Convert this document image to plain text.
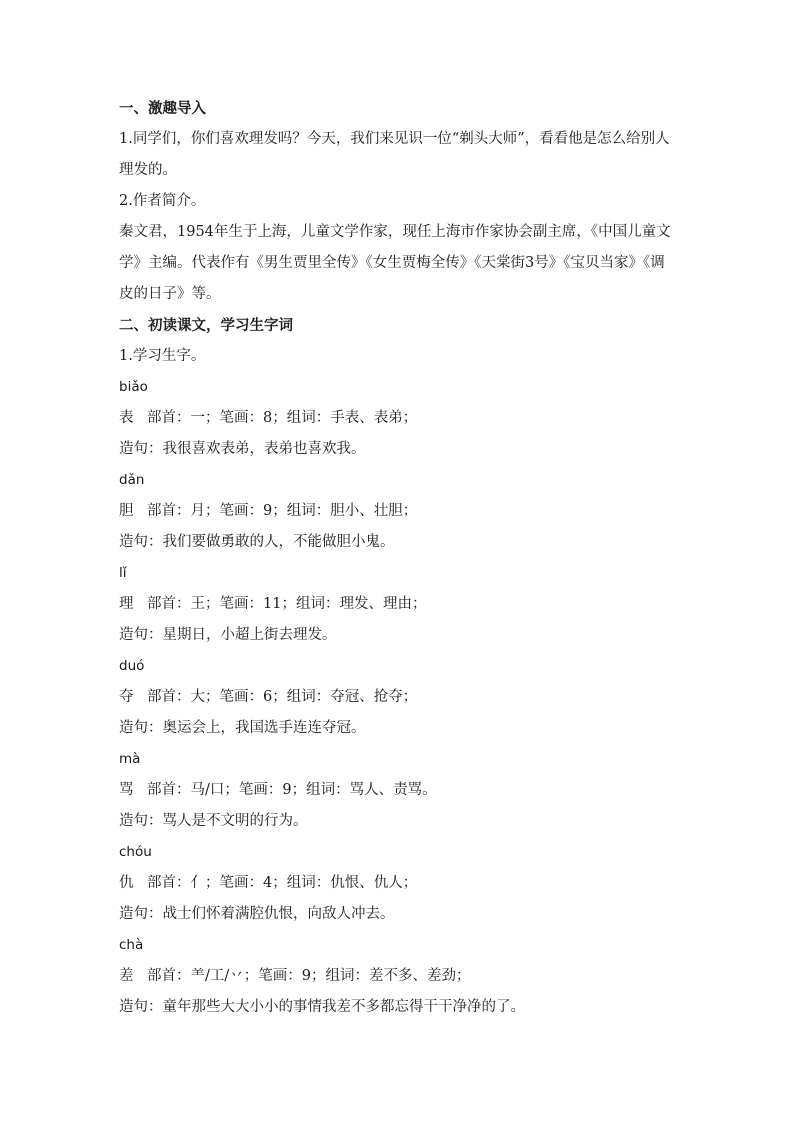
一、激趣导入

1.同学们，你们喜欢理发吗？今天，我们来见识一位“剃头大师”，看看他是怎么给别人理发的。

2.作者简介。

秦文君，1954年生于上海，儿童文学作家，现任上海市作家协会副主席，《中国儿童文学》主编。代表作有《男生贾里全传》《女生贾梅全传》《天棠街3号》《宝贝当家》《调皮的日子》等。

二、初读课文，学习生字词

1.学习生字。

biǎo

表 部首：一；笔画：8；组词：手表、表弟；

造句：我很喜欢表弟，表弟也喜欢我。

dǎn

胆 部首：月；笔画：9；组词：胆小、壮胆；

造句：我们要做勇敢的人，不能做胆小鬼。

lǐ

理 部首：王；笔画：11；组词：理发、理由；

造句：星期日，小超上街去理发。

duó

夺 部首：大；笔画：6；组词：夺冠、抢夺；

造句：奥运会上，我国选手连连夺冠。

mà

骂 部首：马/口；笔画：9；组词：骂人、责骂。

造句：骂人是不文明的行为。

chóu

仇 部首：亻；笔画：4；组词：仇恨、仇人；

造句：战士们怀着满腔仇恨，向敌人冲去。

chà

差 部首：⺷/工/丷；笔画：9；组词：差不多、差劲；

造句：童年那些大大小小的事情我差不多都忘得干干净净的了。
